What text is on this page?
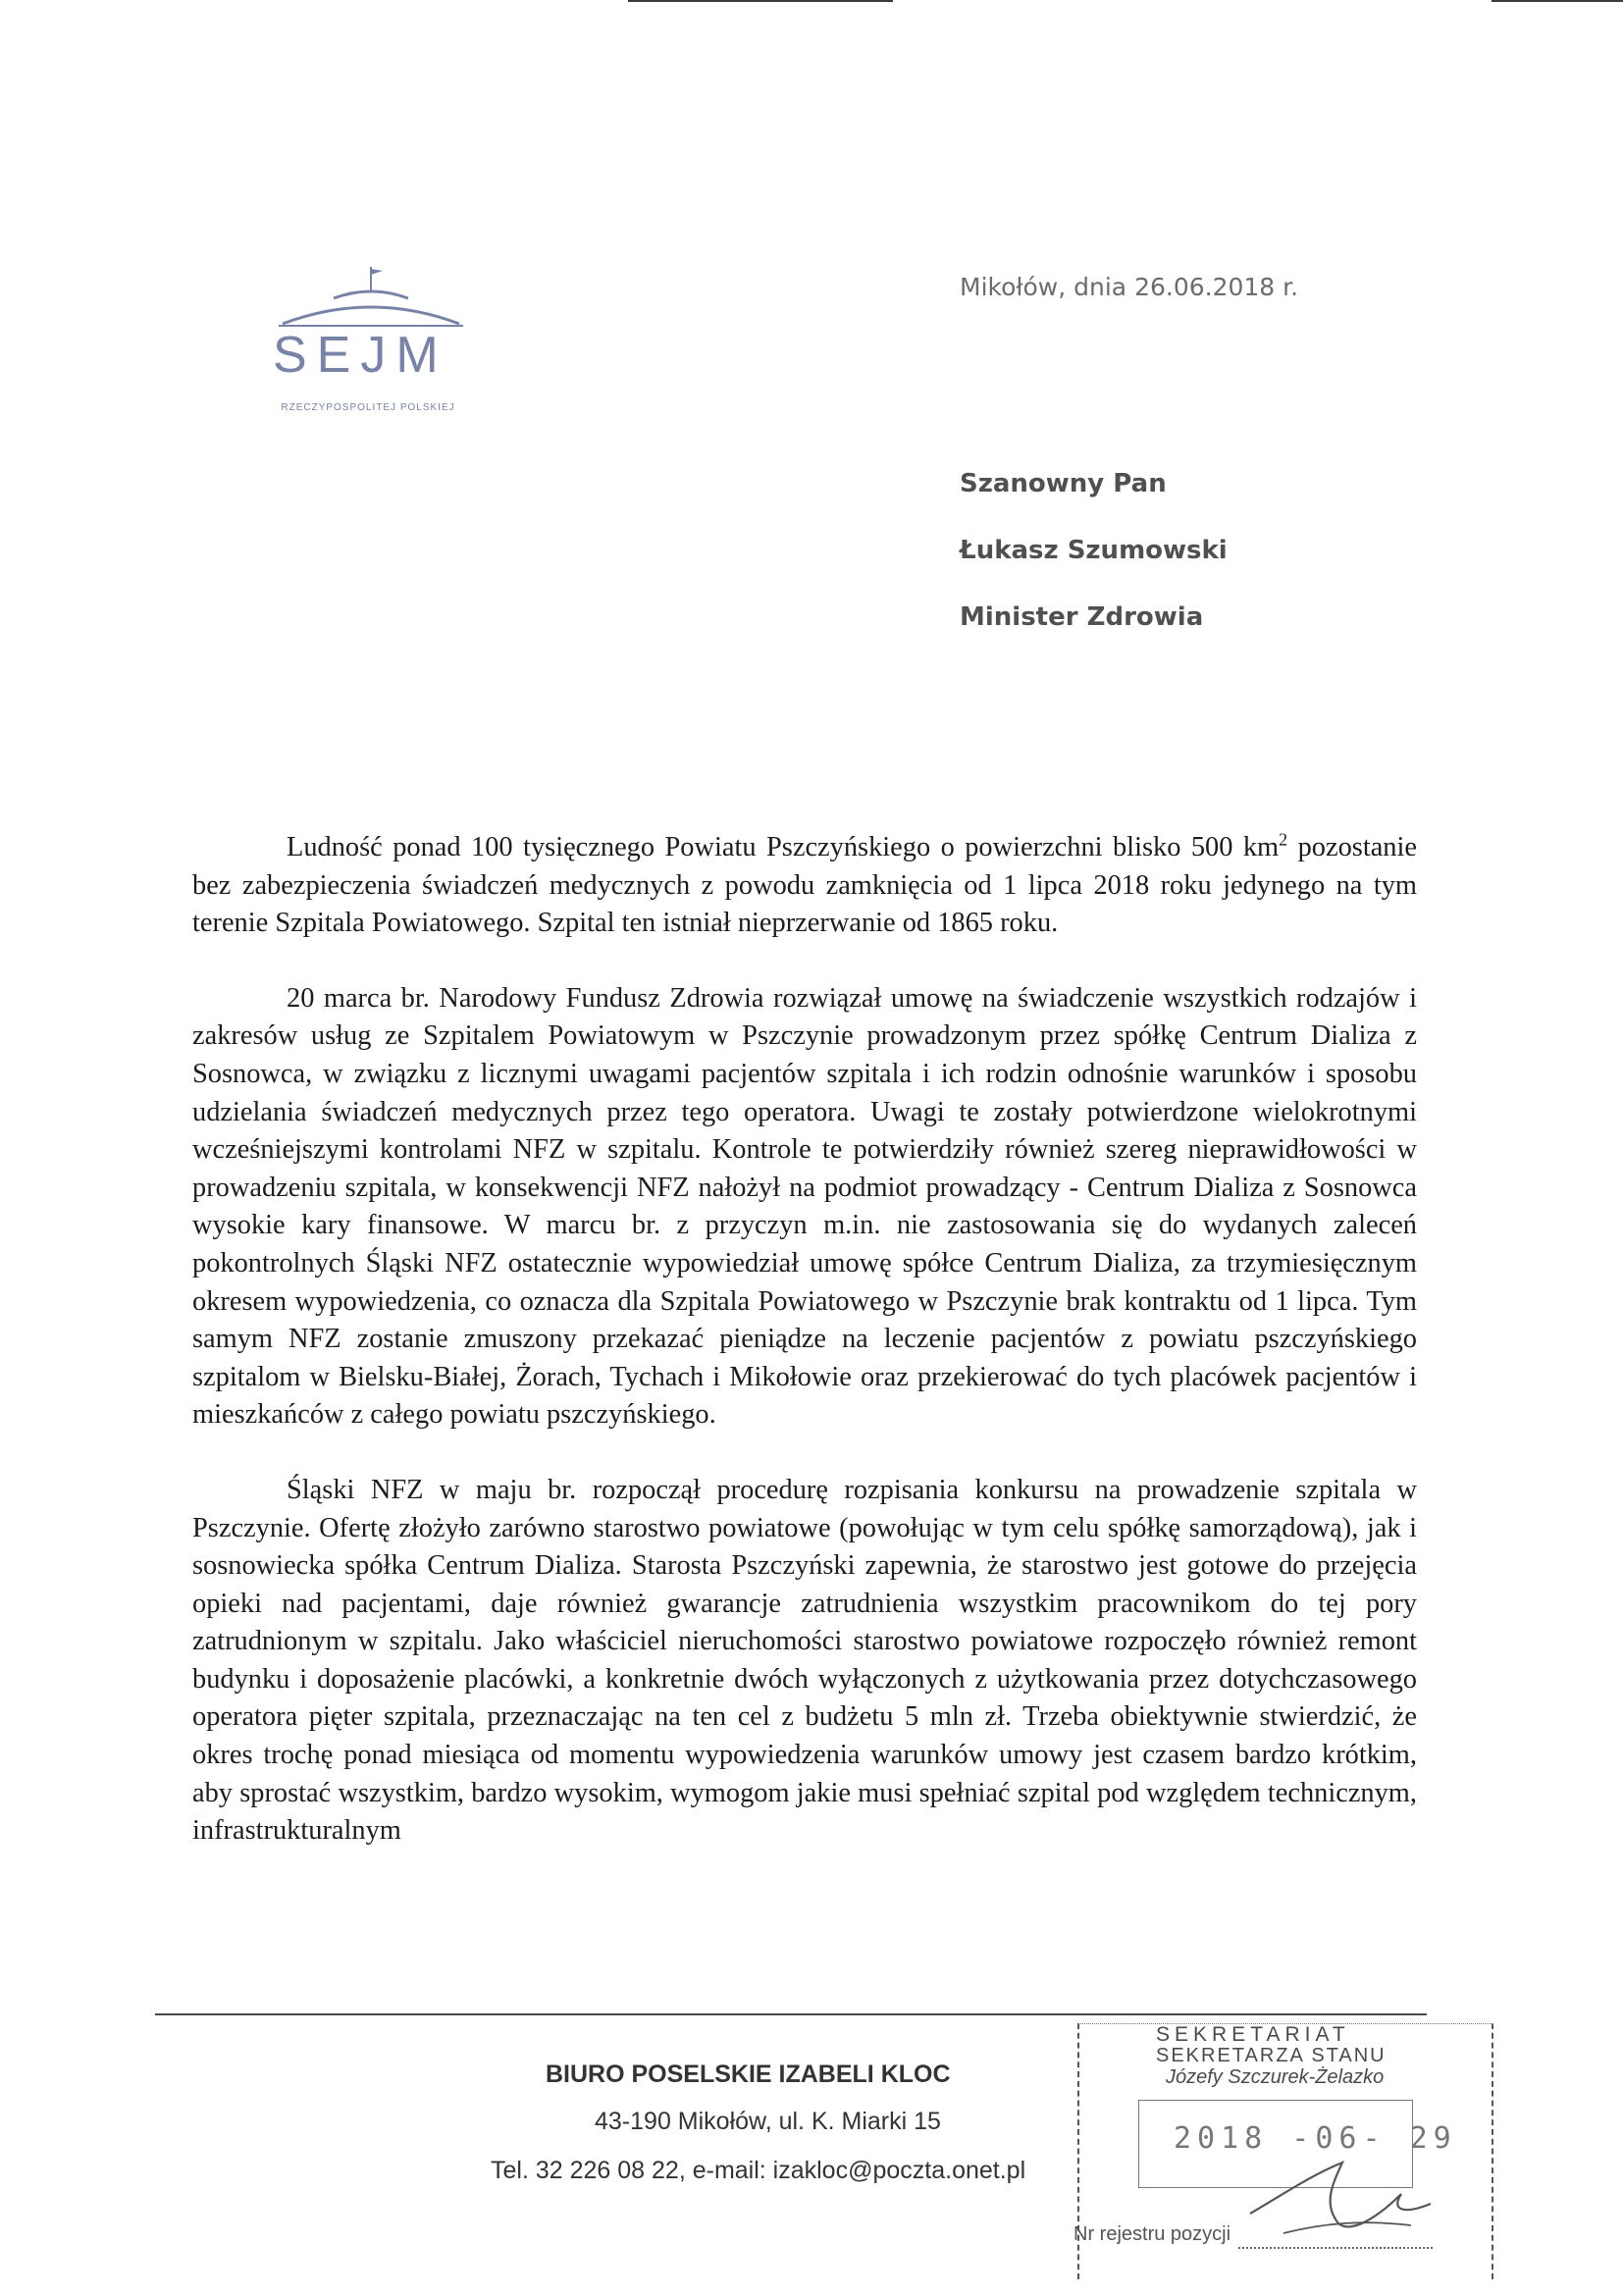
SEJM
RZECZYPOSPOLITEJ POLSKIEJ
Mikołów, dnia 26.06.2018 r.
Szanowny Pan
Łukasz Szumowski
Minister Zdrowia

Ludność ponad 100 tysięcznego Powiatu Pszczyńskiego o powierzchni blisko 500 $km^2$ pozostanie bez zabezpieczenia świadczeń medycznych z powodu zamknięcia od 1 lipca 2018 roku jedynego na tym terenie Szpitala Powiatowego. Szpital ten istniał nieprzerwanie od 1865 roku.

20 marca br. Narodowy Fundusz Zdrowia rozwiązał umowę na świadczenie wszystkich rodzajów i zakresów usług ze Szpitalem Powiatowym w Pszczynie prowadzonym przez spółkę Centrum Dializa z Sosnowca, w związku z licznymi uwagami pacjentów szpitala i ich rodzin odnośnie warunków i sposobu udzielania świadczeń medycznych przez tego operatora. Uwagi te zostały potwierdzone wielokrotnymi wcześniejszymi kontrolami NFZ w szpitalu. Kontrole te potwierdziły również szereg nieprawidłowości w prowadzeniu szpitala, w konsekwencji NFZ nałożył na podmiot prowadzący - Centrum Dializa z Sosnowca wysokie kary finansowe. W marcu br. z przyczyn m.in. nie zastosowania się do wydanych zaleceń pokontrolnych Śląski NFZ ostatecznie wypowiedział umowę spółce Centrum Dializa, za trzymiesięcznym okresem wypowiedzenia, co oznacza dla Szpitala Powiatowego w Pszczynie brak kontraktu od 1 lipca. Tym samym NFZ zostanie zmuszony przekazać pieniądze na leczenie pacjentów z powiatu pszczyńskiego szpitalom w Bielsku-Białej, Żorach, Tychach i Mikołowie oraz przekierować do tych placówek pacjentów i mieszkańców z całego powiatu pszczyńskiego.

Śląski NFZ w maju br. rozpoczął procedurę rozpisania konkursu na prowadzenie szpitala w Pszczynie. Ofertę złożyło zarówno starostwo powiatowe (powołując w tym celu spółkę samorządową), jak i sosnowiecka spółka Centrum Dializa. Starosta Pszczyński zapewnia, że starostwo jest gotowe do przejęcia opieki nad pacjentami, daje również gwarancje zatrudnienia wszystkim pracownikom do tej pory zatrudnionym w szpitalu. Jako właściciel nieruchomości starostwo powiatowe rozpoczęło również remont budynku i doposażenie placówki, a konkretnie dwóch wyłączonych z użytkowania przez dotychczasowego operatora pięter szpitala, przeznaczając na ten cel z budżetu 5 mln zł. Trzeba obiektywnie stwierdzić, że okres trochę ponad miesiąca od momentu wypowiedzenia warunków umowy jest czasem bardzo krótkim, aby sprostać wszystkim, bardzo wysokim, wymogom jakie musi spełniać szpital pod względem technicznym, infrastrukturalnym

BIURO POSELSKIE IZABELI KLOC
43-190 Mikołów, ul. K. Miarki 15
Tel. 32 226 08 22, e-mail: izakloc@poczta.onet.pl
SEKRETARIAT
SEKRETARZA STANU
Józefy Szczurek-Żelazko
2018 -06- 29
Nr rejestru pozycji
